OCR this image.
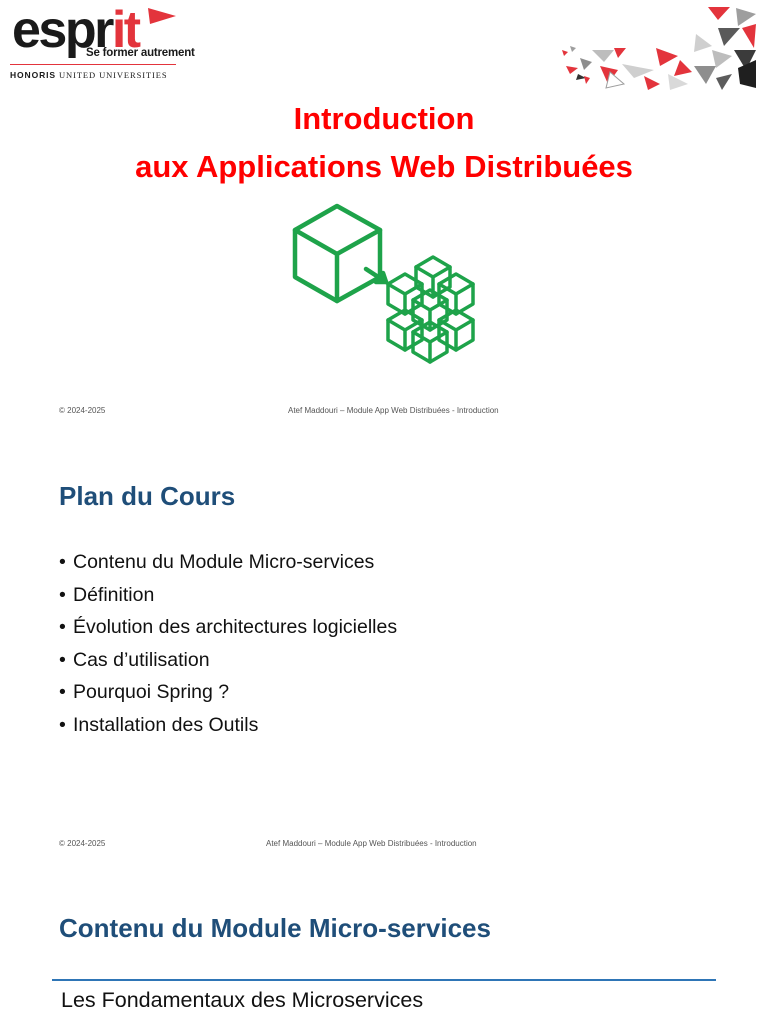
esprit
Se former autrement
HONORIS UNITED UNIVERSITIES
Introduction
aux Applications Web Distribuées
© 2024-2025	Atef Maddouri – Module App Web Distribuées - Introduction
Plan du Cours
• Contenu du Module Micro-services
• Définition
• Évolution des architectures logicielles
• Cas d’utilisation
• Pourquoi Spring ?
• Installation des Outils
© 2024-2025	Atef Maddouri – Module App Web Distribuées - Introduction
Contenu du Module Micro-services
Les Fondamentaux des Microservices
